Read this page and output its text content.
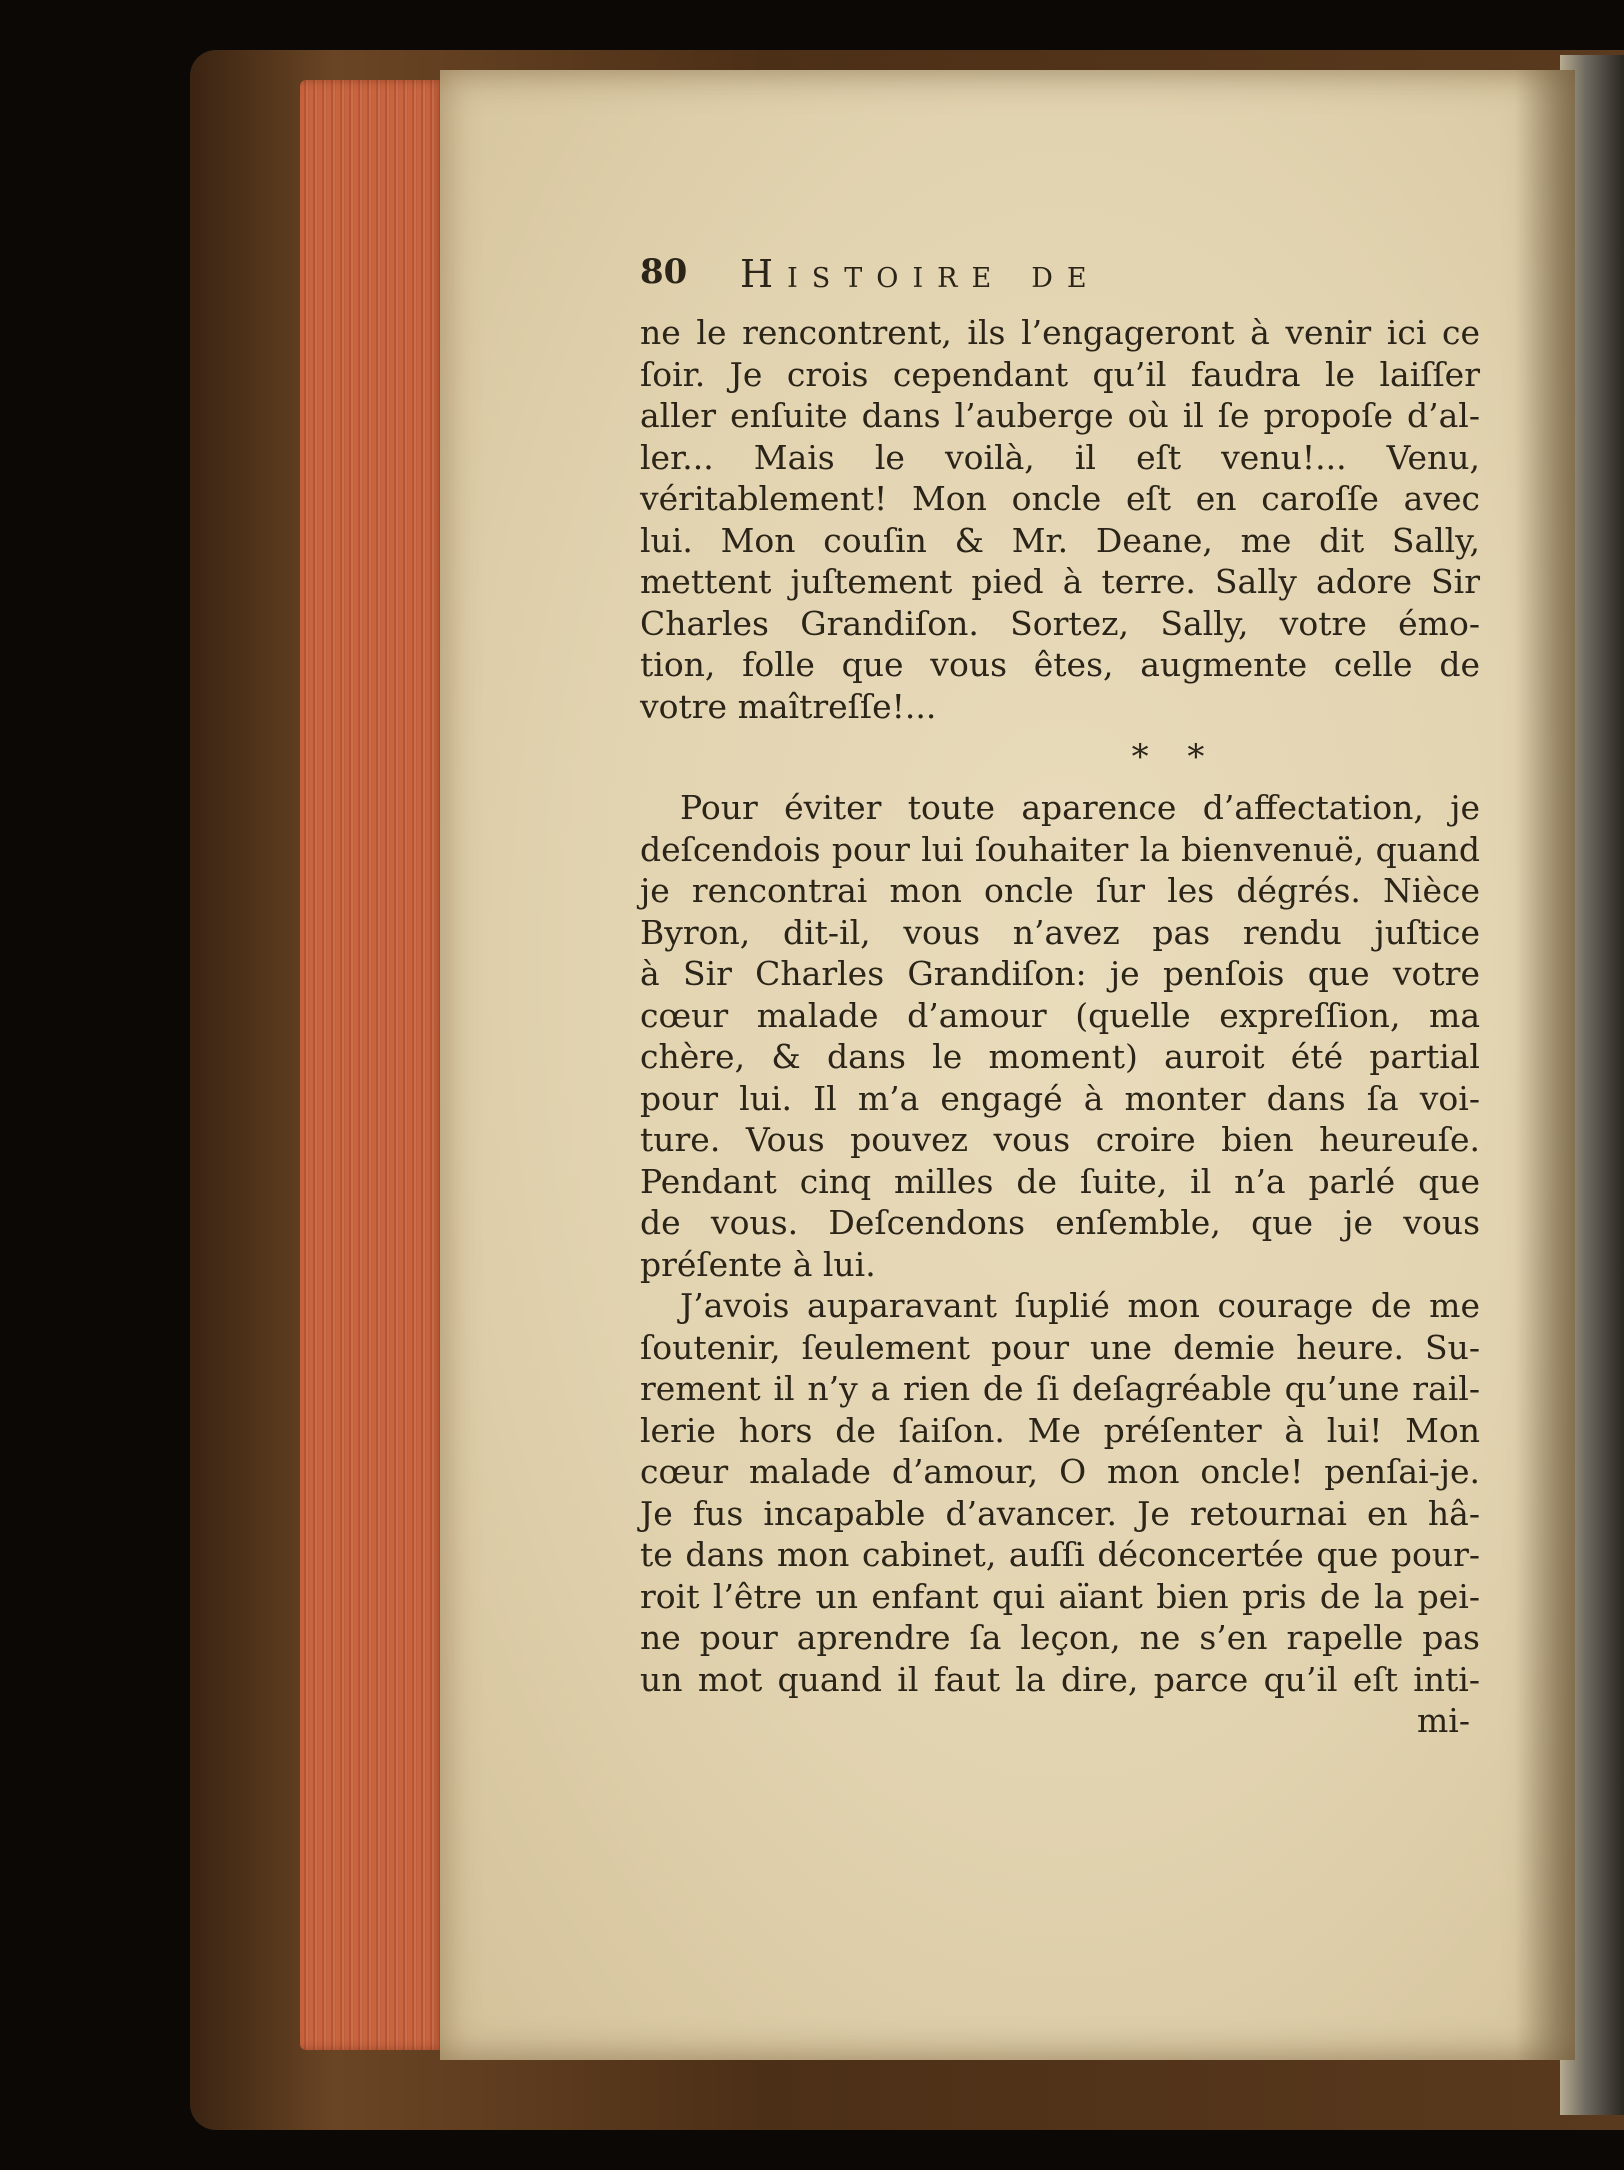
80 Histoire de
ne le rencontrent, ils l’engageront à venir ici ce
ſoir. Je crois cependant qu’il faudra le laiſſer
aller enſuite dans l’auberge où il ſe propoſe d’al-
ler... Mais le voilà, il eſt venu!... Venu,
véritablement! Mon oncle eſt en caroſſe avec
lui. Mon couſin & Mr. Deane, me dit Sally,
mettent juſtement pied à terre. Sally adore Sir
Charles Grandiſon. Sortez, Sally, votre émo-
tion, folle que vous êtes, augmente celle de
votre maîtreſſe!...
* *
Pour éviter toute aparence d’affectation, je
deſcendois pour lui ſouhaiter la bienvenuë, quand
je rencontrai mon oncle ſur les dégrés. Nièce
Byron, dit-il, vous n’avez pas rendu juſtice
à Sir Charles Grandiſon: je penſois que votre
cœur malade d’amour (quelle expreſſion, ma
chère, & dans le moment) auroit été partial
pour lui. Il m’a engagé à monter dans ſa voi-
ture. Vous pouvez vous croire bien heureuſe.
Pendant cinq milles de ſuite, il n’a parlé que
de vous. Deſcendons enſemble, que je vous
préſente à lui.
J’avois auparavant ſuplié mon courage de me
ſoutenir, ſeulement pour une demie heure. Su-
rement il n’y a rien de ſi deſagréable qu’une rail-
lerie hors de ſaiſon. Me préſenter à lui! Mon
cœur malade d’amour, O mon oncle! penſai-je.
Je fus incapable d’avancer. Je retournai en hâ-
te dans mon cabinet, auſſi déconcertée que pour-
roit l’être un enfant qui aïant bien pris de la pei-
ne pour aprendre ſa leçon, ne s’en rapelle pas
un mot quand il faut la dire, parce qu’il eſt inti-
mi-
